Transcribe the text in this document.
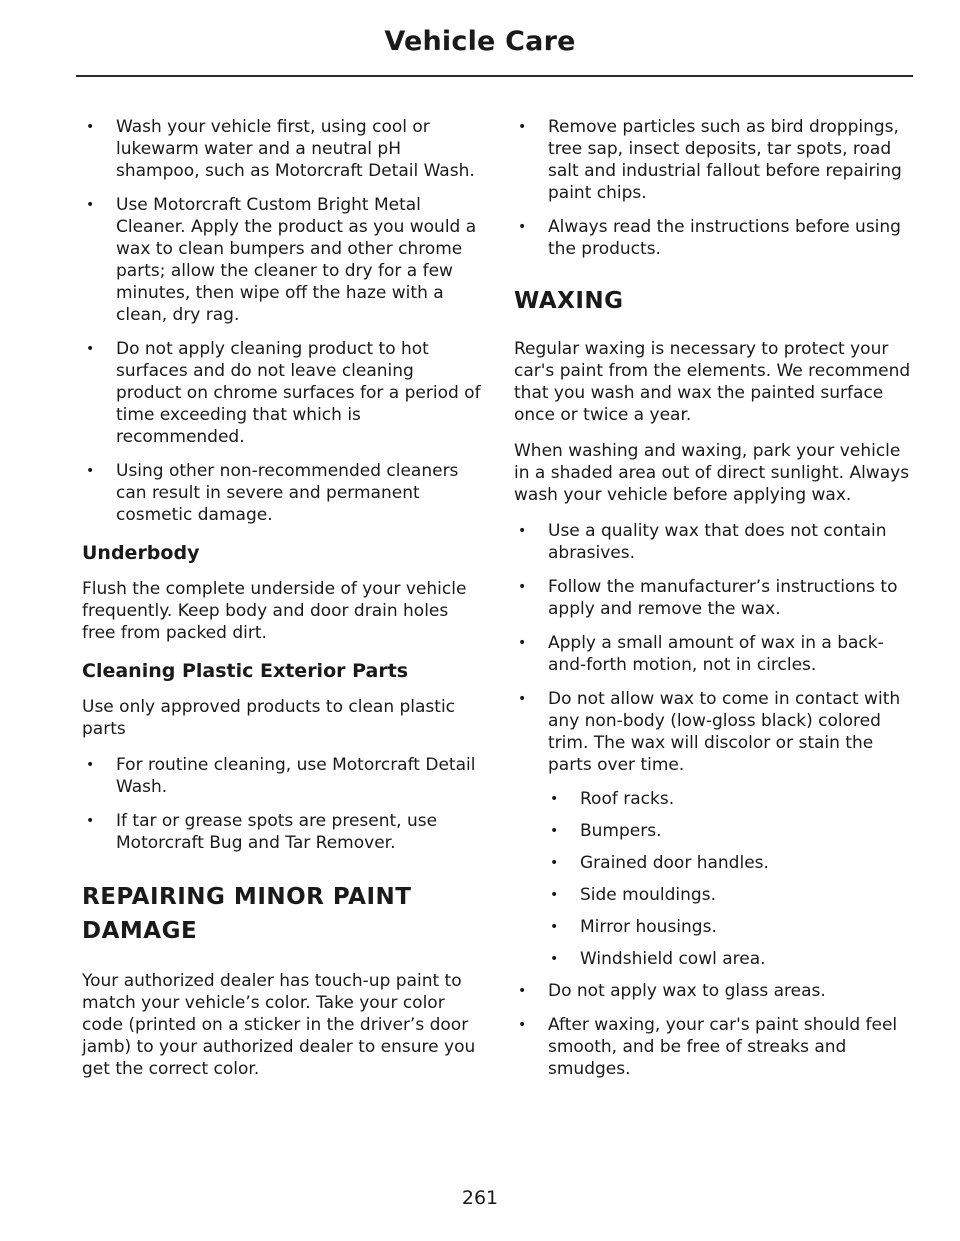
Vehicle Care
• Wash your vehicle first, using cool or lukewarm water and a neutral pH shampoo, such as Motorcraft Detail Wash.
• Use Motorcraft Custom Bright Metal Cleaner. Apply the product as you would a wax to clean bumpers and other chrome parts; allow the cleaner to dry for a few minutes, then wipe off the haze with a clean, dry rag.
• Do not apply cleaning product to hot surfaces and do not leave cleaning product on chrome surfaces for a period of time exceeding that which is recommended.
• Using other non-recommended cleaners can result in severe and permanent cosmetic damage.
Underbody

Flush the complete underside of your vehicle frequently. Keep body and door drain holes free from packed dirt.

Cleaning Plastic Exterior Parts

Use only approved products to clean plastic parts

• For routine cleaning, use Motorcraft Detail Wash.
• If tar or grease spots are present, use Motorcraft Bug and Tar Remover.
REPAIRING MINOR PAINT DAMAGE

Your authorized dealer has touch-up paint to match your vehicle’s color. Take your color code (printed on a sticker in the driver’s door jamb) to your authorized dealer to ensure you get the correct color.

• Remove particles such as bird droppings, tree sap, insect deposits, tar spots, road salt and industrial fallout before repairing paint chips.
• Always read the instructions before using the products.
WAXING

Regular waxing is necessary to protect your car's paint from the elements. We recommend that you wash and wax the painted surface once or twice a year.

When washing and waxing, park your vehicle in a shaded area out of direct sunlight. Always wash your vehicle before applying wax.

• Use a quality wax that does not contain abrasives.
• Follow the manufacturer’s instructions to apply and remove the wax.
• Apply a small amount of wax in a back-and-forth motion, not in circles.
• Do not allow wax to come in contact with any non-body (low-gloss black) colored trim. The wax will discolor or stain the parts over time.
• Roof racks.
• Bumpers.
• Grained door handles.
• Side mouldings.
• Mirror housings.
• Windshield cowl area.
• Do not apply wax to glass areas.
• After waxing, your car's paint should feel smooth, and be free of streaks and smudges.
261
